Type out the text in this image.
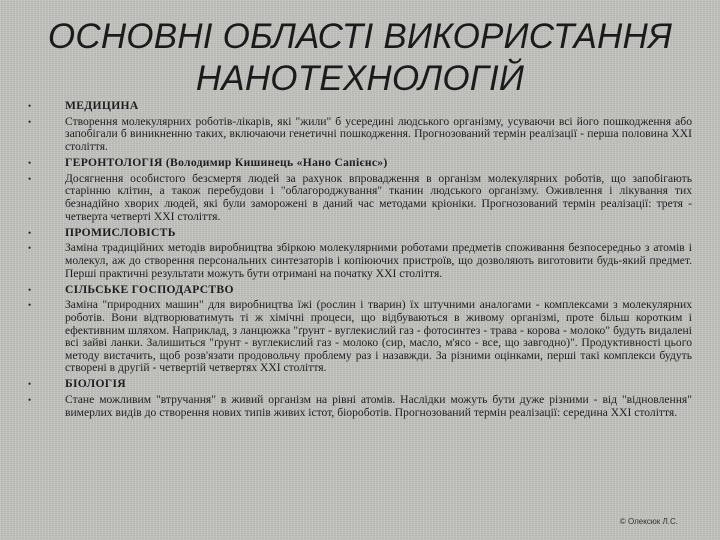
ОСНОВНІ ОБЛАСТІ ВИКОРИСТАННЯ
НАНОТЕХНОЛОГІЙ
•	МЕДИЦИНА
•	Створення молекулярних роботів-лікарів, які "жили" б усередині людського організму, усуваючи всі його пошкодження або запобігали б виникненню таких, включаючи генетичні пошкодження. Прогнозований термін реалізації - перша половина XXI століття.
•	ГЕРОНТОЛОГІЯ (Володимир Кишинець «Нано Сапієнс»)
•	Досягнення особистого безсмертя людей за рахунок впровадження в організм молекулярних роботів, що запобігають старінню клітин, а також перебудови і "облагороджування" тканин людського організму. Оживлення і лікування тих безнадійно хворих людей, які були заморожені в даний час методами кріоніки. Прогнозований термін реалізації: третя - четверта четверті XXI століття.
•	ПРОМИСЛОВІСТЬ
•	Заміна традиційних методів виробництва збіркою молекулярними роботами предметів споживання безпосередньо з атомів і молекул, аж до створення персональних синтезаторів і копіюючих пристроїв, що дозволяють виготовити будь-який предмет. Перші практичні результати можуть бути отримані на початку XXI століття.
•	СІЛЬСЬКЕ ГОСПОДАРСТВО
•	Заміна "природних машин" для виробництва їжі (рослин і тварин) їх штучними аналогами - комплексами з молекулярних роботів. Вони відтворюватимуть ті ж хімічні процеси, що відбуваються в живому організмі, проте більш коротким і ефективним шляхом. Наприклад, з ланцюжка "ґрунт - вуглекислий газ - фотосинтез - трава - корова - молоко" будуть видалені всі зайві ланки. Залишиться "ґрунт - вуглекислий газ - молоко (сир, масло, м'ясо - все, що завгодно)". Продуктивності цього методу вистачить, щоб розв'язати продовольчу проблему раз і назавжди. За різними оцінками, перші такі комплекси будуть створені в другій - четвертій четвертях XXI століття.
•	БІОЛОГІЯ
•	Стане можливим "втручання" в живий організм на рівні атомів. Наслідки можуть бути дуже різними - від "відновлення" вимерлих видів до створення нових типів живих істот, біороботів. Прогнозований термін реалізації: середина XXI століття.
© Олексюк Л.С.
